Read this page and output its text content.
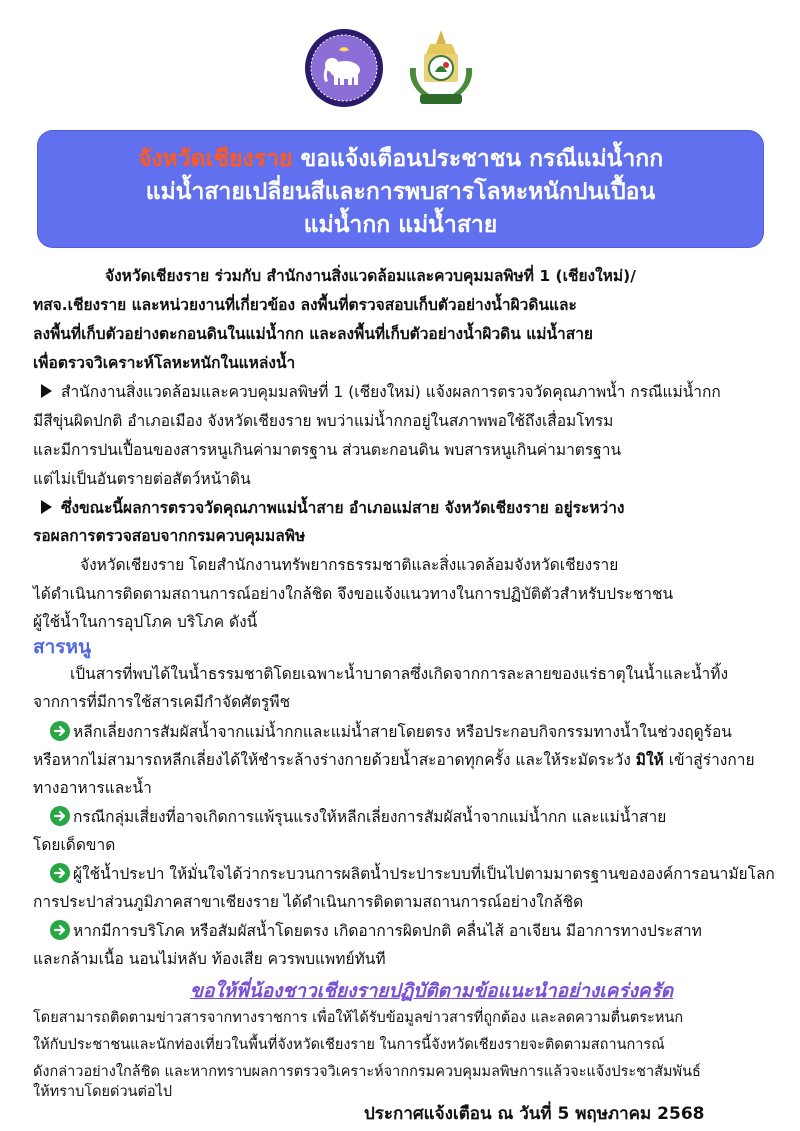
จังหวัดเชียงราย ขอแจ้งเตือนประชาชน กรณีแม่น้ำกก
แม่น้ำสายเปลี่ยนสีและการพบสารโลหะหนักปนเปื้อน
แม่น้ำกก แม่น้ำสาย
จังหวัดเชียงราย ร่วมกับ สำนักงานสิ่งแวดล้อมและควบคุมมลพิษที่ 1 (เชียงใหม่)/
ทสจ.เชียงราย และหน่วยงานที่เกี่ยวข้อง ลงพื้นที่ตรวจสอบเก็บตัวอย่างน้ำผิวดินและ
ลงพื้นที่เก็บตัวอย่างตะกอนดินในแม่น้ำกก และลงพื้นที่เก็บตัวอย่างน้ำผิวดิน แม่น้ำสาย
เพื่อตรวจวิเคราะห์โลหะหนักในแหล่งน้ำ
สำนักงานสิ่งแวดล้อมและควบคุมมลพิษที่ 1 (เชียงใหม่) แจ้งผลการตรวจวัดคุณภาพน้ำ กรณีแม่น้ำกก
มีสีขุ่นผิดปกติ อำเภอเมือง จังหวัดเชียงราย พบว่าแม่น้ำกกอยู่ในสภาพพอใช้ถึงเสื่อมโทรม
และมีการปนเปื้อนของสารหนูเกินค่ามาตรฐาน ส่วนตะกอนดิน พบสารหนูเกินค่ามาตรฐาน
แต่ไม่เป็นอันตรายต่อสัตว์หน้าดิน
ซึ่งขณะนี้ผลการตรวจวัดคุณภาพแม่น้ำสาย อำเภอแม่สาย จังหวัดเชียงราย อยู่ระหว่าง
รอผลการตรวจสอบจากกรมควบคุมมลพิษ
จังหวัดเชียงราย โดยสำนักงานทรัพยากรธรรมชาติและสิ่งแวดล้อมจังหวัดเชียงราย
ได้ดำเนินการติดตามสถานการณ์อย่างใกล้ชิด จึงขอแจ้งแนวทางในการปฏิบัติตัวสำหรับประชาชน
ผู้ใช้น้ำในการอุปโภค บริโภค ดังนี้
สารหนู
เป็นสารที่พบได้ในน้ำธรรมชาติโดยเฉพาะน้ำบาดาลซึ่งเกิดจากการละลายของแร่ธาตุในน้ำและน้ำทิ้ง
จากการที่มีการใช้สารเคมีกำจัดศัตรูพืช
หลีกเลี่ยงการสัมผัสน้ำจากแม่น้ำกกและแม่น้ำสายโดยตรง หรือประกอบกิจกรรมทางน้ำในช่วงฤดูร้อน
หรือหากไม่สามารถหลีกเลี่ยงได้ให้ชำระล้างร่างกายด้วยน้ำสะอาดทุกครั้ง และให้ระมัดระวัง มิให้ เข้าสู่ร่างกาย
ทางอาหารและน้ำ
กรณีกลุ่มเสี่ยงที่อาจเกิดการแพ้รุนแรงให้หลีกเลี่ยงการสัมผัสน้ำจากแม่น้ำกก และแม่น้ำสาย
โดยเด็ดขาด
ผู้ใช้น้ำประปา ให้มั่นใจได้ว่ากระบวนการผลิตน้ำประปาระบบที่เป็นไปตามมาตรฐานขององค์การอนามัยโลก
การประปาส่วนภูมิภาคสาขาเชียงราย ได้ดำเนินการติดตามสถานการณ์อย่างใกล้ชิด
หากมีการบริโภค หรือสัมผัสน้ำโดยตรง เกิดอาการผิดปกติ คลื่นไส้ อาเจียน มีอาการทางประสาท
และกล้ามเนื้อ นอนไม่หลับ ท้องเสีย ควรพบแพทย์ทันที
ขอให้พี่น้องชาวเชียงรายปฏิบัติตามข้อแนะนำอย่างเคร่งครัด
โดยสามารถติดตามข่าวสารจากทางราชการ เพื่อให้ได้รับข้อมูลข่าวสารที่ถูกต้อง และลดความตื่นตระหนก
ให้กับประชาชนและนักท่องเที่ยวในพื้นที่จังหวัดเชียงราย ในการนี้จังหวัดเชียงรายจะติดตามสถานการณ์
ดังกล่าวอย่างใกล้ชิด และหากทราบผลการตรวจวิเคราะห์จากกรมควบคุมมลพิษการแล้วจะแจ้งประชาสัมพันธ์
ประกาศแจ้งเตือน ณ วันที่ 5 พฤษภาคม 2568
ให้ทราบโดยด่วนต่อไป
